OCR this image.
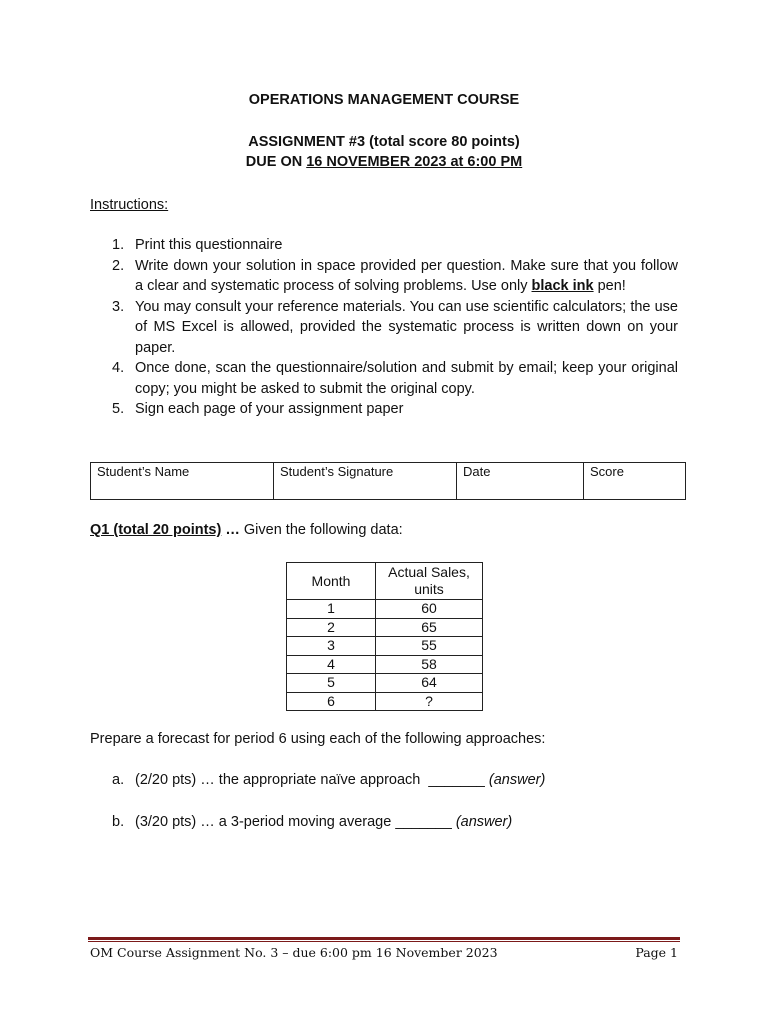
OPERATIONS MANAGEMENT COURSE
ASSIGNMENT #3 (total score 80 points)
DUE ON 16 NOVEMBER 2023 at 6:00 PM
Instructions:

1. Print this questionnaire

2. Write down your solution in space provided per question. Make sure that you follow a clear and systematic process of solving problems. Use only black ink pen!

3. You may consult your reference materials. You can use scientific calculators; the use of MS Excel is allowed, provided the systematic process is written down on your paper.

4. Once done, scan the questionnaire/solution and submit by email; keep your original copy; you might be asked to submit the original copy.

5. Sign each page of your assignment paper

Student’s Name	Student’s Signature	Date	Score
Q1 (total 20 points) … Given the following data:
Month	Actual Sales,
units
1	60
2	65
3	55
4	58
5	64
6	?
Prepare a forecast for period 6 using each of the following approaches:
a. (2/20 pts) … the appropriate naïve approach  _______ (answer)
b. (3/20 pts) … a 3-period moving average _______ (answer)
OM Course Assignment No. 3 – due 6:00 pm 16 November 2023	Page 1
